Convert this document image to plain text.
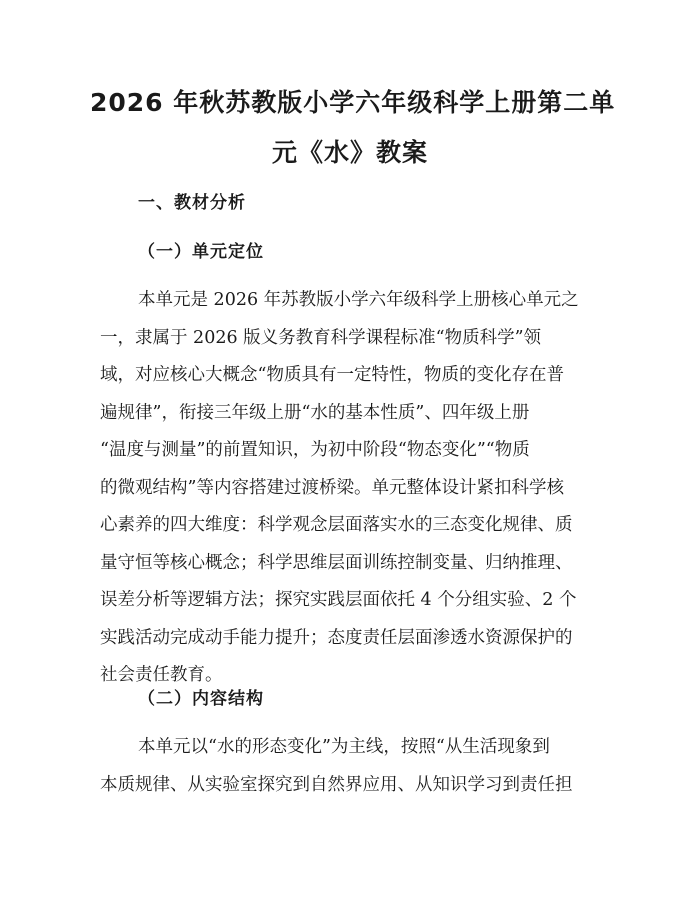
2026 年秋苏教版小学六年级科学上册第二单
元《水》教案
一、教材分析
（一）单元定位
本单元是 2026 年苏教版小学六年级科学上册核心单元之
一，隶属于 2026 版义务教育科学课程标准“物质科学”领
域，对应核心大概念“物质具有一定特性，物质的变化存在普
遍规律”，衔接三年级上册“水的基本性质”、四年级上册
“温度与测量”的前置知识，为初中阶段“物态变化”“物质
的微观结构”等内容搭建过渡桥梁。单元整体设计紧扣科学核
心素养的四大维度：科学观念层面落实水的三态变化规律、质
量守恒等核心概念；科学思维层面训练控制变量、归纳推理、
误差分析等逻辑方法；探究实践层面依托 4 个分组实验、2 个
实践活动完成动手能力提升；态度责任层面渗透水资源保护的
社会责任教育。
（二）内容结构
本单元以“水的形态变化”为主线，按照“从生活现象到
本质规律、从实验室探究到自然界应用、从知识学习到责任担
